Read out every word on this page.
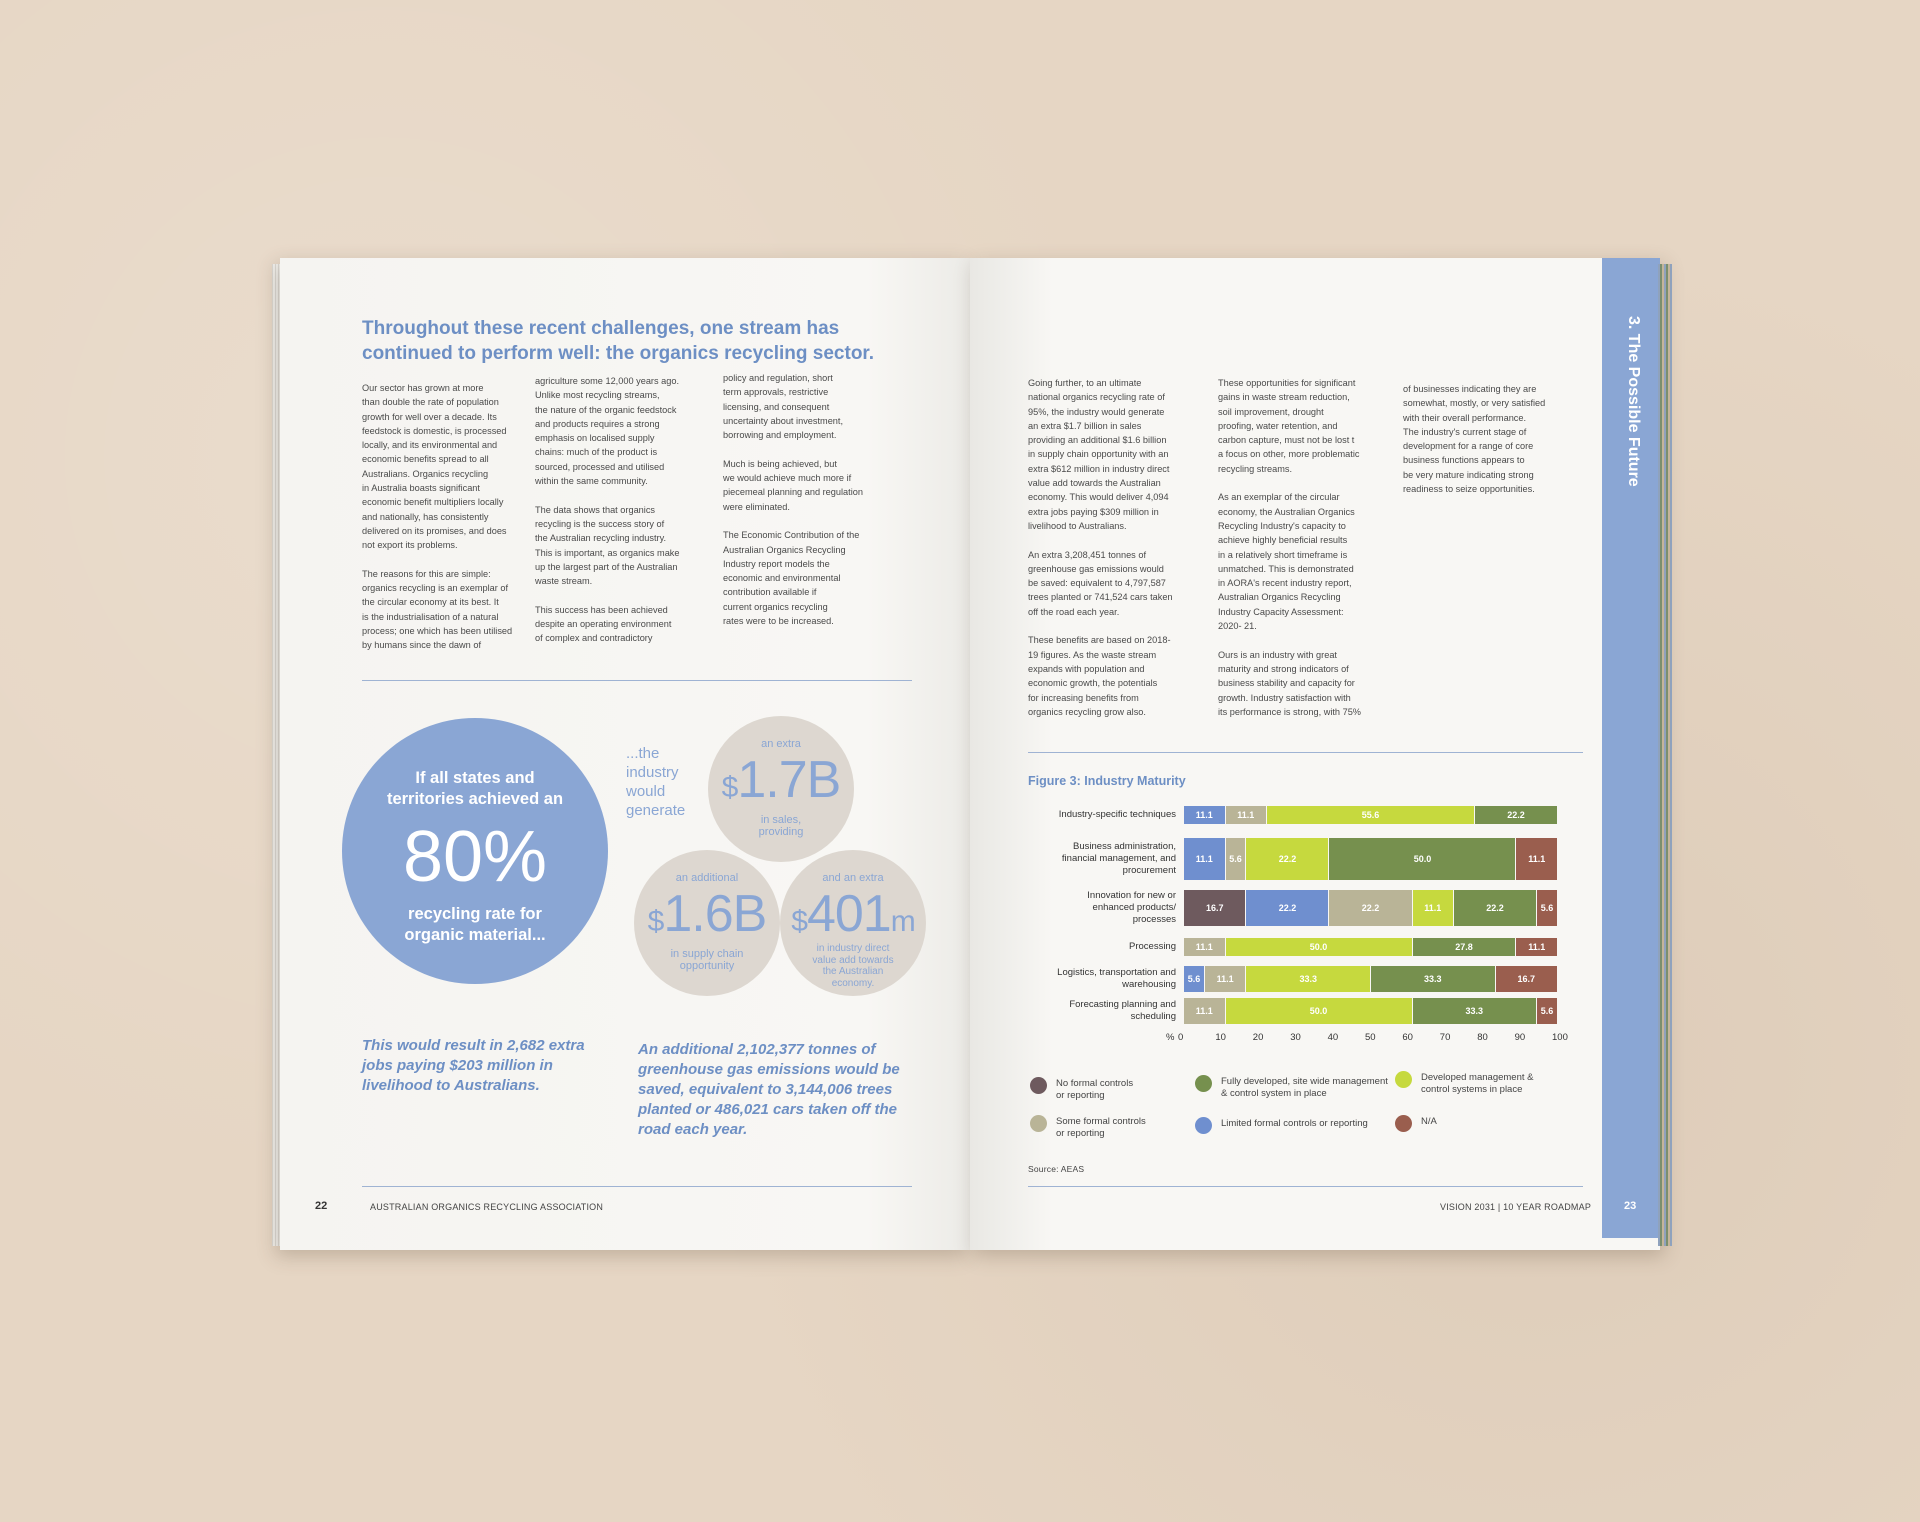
Throughout these recent challenges, one stream has continued to perform well: the organics recycling sector.
Our sector has grown at more
than double the rate of population
growth for well over a decade. Its
feedstock is domestic, is processed
locally, and its environmental and
economic benefits spread to all
Australians. Organics recycling
in Australia boasts significant
economic benefit multipliers locally
and nationally, has consistently
delivered on its promises, and does
not export its problems.

The reasons for this are simple:
organics recycling is an exemplar of
the circular economy at its best. It
is the industrialisation of a natural
process; one which has been utilised
by humans since the dawn of
agriculture some 12,000 years ago.
Unlike most recycling streams,
the nature of the organic feedstock
and products requires a strong
emphasis on localised supply
chains: much of the product is
sourced, processed and utilised
within the same community.

The data shows that organics
recycling is the success story of
the Australian recycling industry.
This is important, as organics make
up the largest part of the Australian
waste stream.

This success has been achieved
despite an operating environment
of complex and contradictory
policy and regulation, short
term approvals, restrictive
licensing, and consequent
uncertainty about investment,
borrowing and employment.

Much is being achieved, but
we would achieve much more if
piecemeal planning and regulation
were eliminated.

The Economic Contribution of the
Australian Organics Recycling
Industry report models the
economic and environmental
contribution available if
current organics recycling
rates were to be increased.
If all states and territories achieved an
80%
recycling rate for organic material...
...the industry would generate
an extra
$1.7B
in sales, providing
an additional
$1.6B
in supply chain opportunity
and an extra
$401m
in industry direct value add towards the Australian economy.
This would result in 2,682 extra jobs paying $203 million in livelihood to Australians.
An additional 2,102,377 tonnes of greenhouse gas emissions would be saved, equivalent to 3,144,006 trees planted or 486,021 cars taken off the road each year.
22	AUSTRALIAN ORGANICS RECYCLING ASSOCIATION
Going further, to an ultimate
national organics recycling rate of
95%, the industry would generate
an extra $1.7 billion in sales
providing an additional $1.6 billion
in supply chain opportunity with an
extra $612 million in industry direct
value add towards the Australian
economy. This would deliver 4,094
extra jobs paying $309 million in
livelihood to Australians.

An extra 3,208,451 tonnes of
greenhouse gas emissions would
be saved: equivalent to 4,797,587
trees planted or 741,524 cars taken
off the road each year.

These benefits are based on 2018-
19 figures. As the waste stream
expands with population and
economic growth, the potentials
for increasing benefits from
organics recycling grow also.
These opportunities for significant
gains in waste stream reduction,
soil improvement, drought
proofing, water retention, and
carbon capture, must not be lost t
a focus on other, more problematic
recycling streams.

As an exemplar of the circular
economy, the Australian Organics
Recycling Industry's capacity to
achieve highly beneficial results
in a relatively short timeframe is
unmatched. This is demonstrated
in AORA's recent industry report,
Australian Organics Recycling
Industry Capacity Assessment:
2020- 21.

Ours is an industry with great
maturity and strong indicators of
business stability and capacity for
growth. Industry satisfaction with
its performance is strong, with 75%
of businesses indicating they are
somewhat, mostly, or very satisfied
with their overall performance.
The industry's current stage of
development for a range of core
business functions appears to
be very mature indicating strong
readiness to seize opportunities.
Figure 3: Industry Maturity
Industry-specific techniques	11.1	11.1	55.6	22.2
Business administration,
financial management, and
procurement
11.1	5.6	22.2	50.0	11.1
Innovation for new or
enhanced products/
processes
16.7	22.2	22.2	11.1	22.2	5.6
Processing	11.1	50.0	27.8	11.1
Logistics, transportation and
warehousing	5.6	11.1	33.3	33.3	16.7
Forecasting planning and
scheduling	11.1	50.0	33.3	5.6
% 0	10	20	30	40	50	60	70	80	90	100
No formal controls
or reporting
Fully developed, site wide management
& control system in place
Developed management &
control systems in place
Some formal controls
or reporting
Limited formal controls or reporting	N/A
Source: AEAS
VISION 2031 | 10 YEAR ROADMAP
3. The Possible Future
23
